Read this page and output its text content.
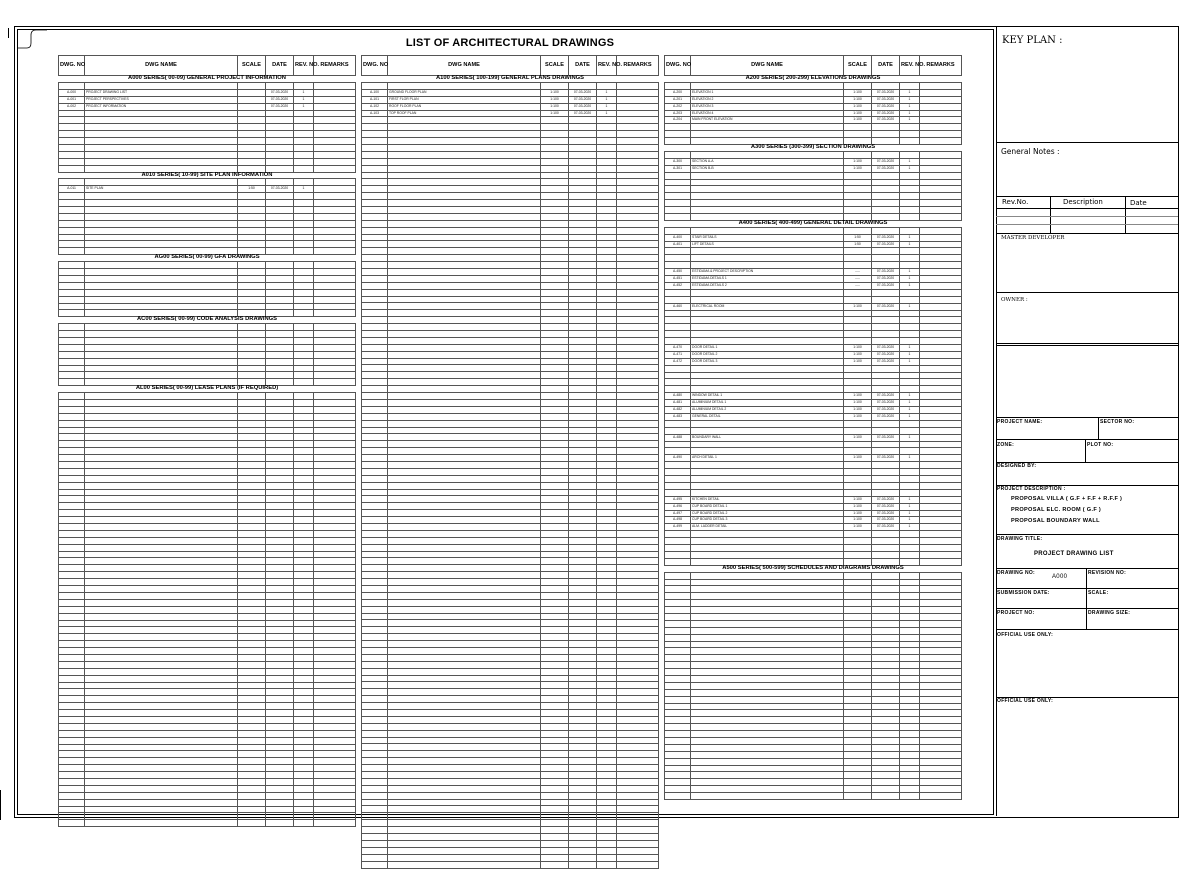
LIST OF ARCHITECTURAL DRAWINGS
DWG. NO	DWG NAME	SCALE	DATE	REV. NO.	REMARKS
A000 SERIES( 00-09) GENERAL PROJECT INFORMATION					

A-000	PROJECT DRAWING LIST		07-03-2020	1	
A-001	PROJECT PERSPECTIVES		07-03-2020	1	
A-002	PROJECT INFORMATION		07-03-2020	1	

A010 SERIES( 10-99) SITE PLAN INFORMATION					

A-011	SITE PLAN	1:50	07-03-2020	1	

AG00 SERIES( 00-99) GFA DRAWINGS					

AC00 SERIES( 00-99) CODE ANALYSIS DRAWINGS					

AL00 SERIES( 00-99) LEASE PLANS (IF REQUIRED)					

DWG. NO	DWG NAME	SCALE	DATE	REV. NO.	REMARKS
A100 SERIES( 100-199) GENERAL PLANS DRAWINGS					

A-100	GROUND FLOOR PLAN	1:100	07-03-2020	1	
A-101	FIRST FLOR PLAN	1:100	07-03-2020	1	
A-102	ROOF FLOOR PLAN	1:100	07-03-2020	1	
A-103	TOP ROOF PLAN	1:100	07-03-2020	1	

DWG. NO	DWG NAME	SCALE	DATE	REV. NO.	REMARKS
A200 SERIES( 200-299) ELEVATIONS DRAWINGS					

A-200	ELEVATION 1	1:100	07-03-2020	1	
A-201	ELEVATION 2	1:100	07-03-2020	1	
A-202	ELEVATION 3	1:100	07-03-2020	1	
A-203	ELEVATION 4	1:100	07-03-2020	1	
A-204	MAIN FRONT ELEVATION	1:100	07-03-2020	1	

A300 SERIES (300-399) SECTION DRAWINGS					

A-300	SECTION A-A	1:100	07-03-2020	1	
A-301	SECTION B-B	1:100	07-03-2020	1	

A400 SERIES( 400-499) GENERAL DETAIL DRAWINGS					

A-400	STAIR DETAILS	1:50	07-03-2020	1	
A-401	LIFT DETAILS	1:50	07-03-2020	1	

A-450	ESTIDAMA & PROJECT DESCRIPTION	----	07-03-2020	1	
A-451	ESTIDAMA DETAILS 1	----	07-03-2020	1	
A-452	ESTIDAMA DETAILS 2	----	07-03-2020	1	

A-460	ELECTRICAL ROOM	1:100	07-03-2020	1	

A-470	DOOR DETAIL 1	1:100	07-03-2020	1	
A-471	DOOR DETAIL 2	1:100	07-03-2020	1	
A-472	DOOR DETAIL 3	1:100	07-03-2020	1	

A-480	WINDOW DETAIL 1	1:100	07-03-2020	1	
A-481	ALUMINIUM DETAIL 1	1:100	07-03-2020	1	
A-482	ALUMINIUM DETAIL 2	1:100	07-03-2020	1	
A-483	GENERAL DETAIL	1:100	07-03-2020	1	

A-488	BOUNDARY WALL	1:100	07-03-2020	1	

A-490	ARCH DETAIL 1	1:100	07-03-2020	1	

A-495	KITCHEN DETAIL	1:100	07-03-2020	1	
A-496	CUP BOARD DETAIL 1	1:100	07-03-2020	1	
A-497	CUP BOARD DETAIL 2	1:100	07-03-2020	1	
A-498	CUP BOARD DETAIL 3	1:100	07-03-2020	1	
A-499	ALM. LADDER DETAIL	1:100	07-03-2020	1	

A500 SERIES( 500-599) SCHEDULES AND DIAGRAMS DRAWINGS					

KEY PLAN :
General Notes :
Rev.No.	Description	Date
MASTER DEVELOPER
OWNER :
PROJECT NAME:	SECTOR NO:
ZONE:	PLOT NO:
DESIGNED BY:
PROJECT DESCRIPTION :
PROPOSAL VILLA ( G.F + F.F + R.F.F )
PROPOSAL ELC. ROOM ( G.F )
PROPOSAL BOUNDARY WALL
DRAWING TITLE:
PROJECT DRAWING LIST
DRAWING NO:
A000
REVISION NO:
SUBMISSION DATE:	SCALE:
PROJECT NO:	DRAWING SIZE:
OFFICIAL USE ONLY:
OFFICIAL USE ONLY:
